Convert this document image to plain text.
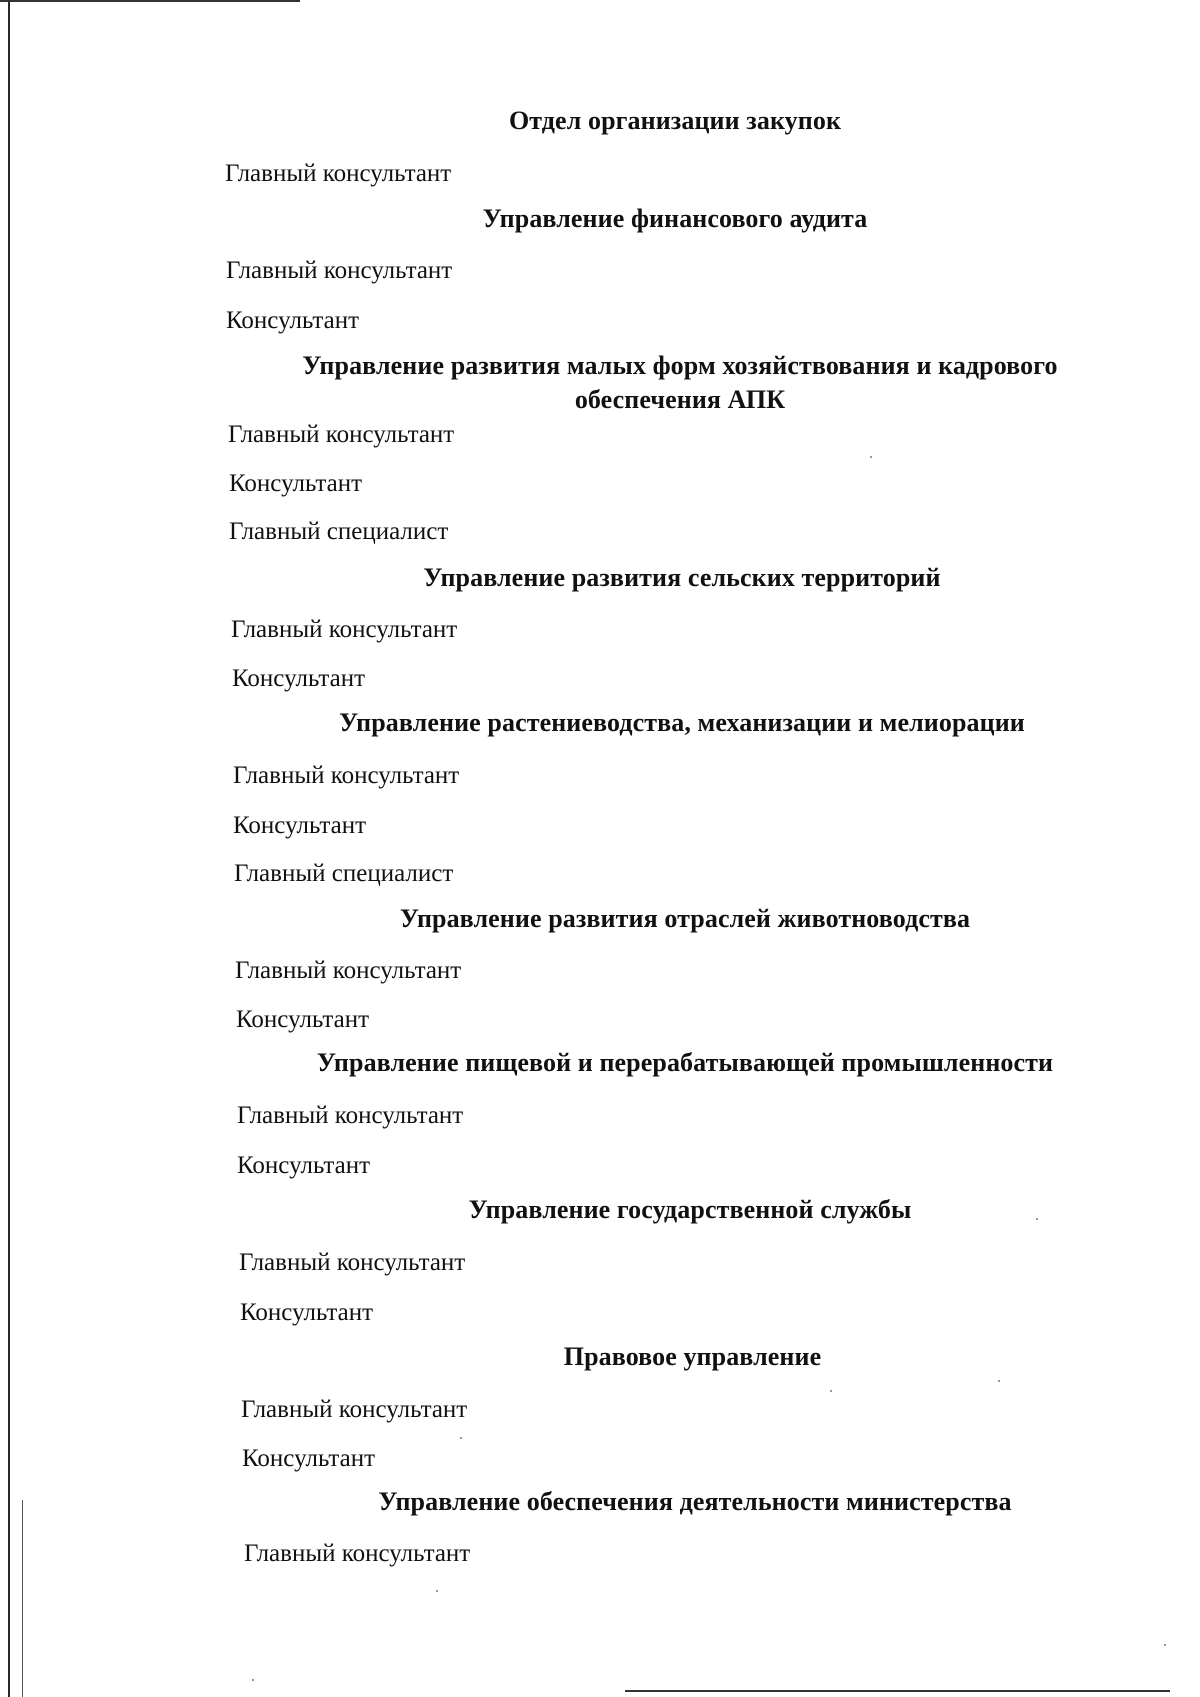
Отдел организации закупок
Главный консультант
Управление финансового аудита
Главный консультант
Консультант
Управление развития малых форм хозяйствования и кадрового обеспечения АПК
Главный консультант
Консультант
Главный специалист
Управление развития сельских территорий
Главный консультант
Консультант
Управление растениеводства, механизации и мелиорации
Главный консультант
Консультант
Главный специалист
Управление развития отраслей животноводства
Главный консультант
Консультант
Управление пищевой и перерабатывающей промышленности
Главный консультант
Консультант
Управление государственной службы
Главный консультант
Консультант
Правовое управление
Главный консультант
Консультант
Управление обеспечения деятельности министерства
Главный консультант
